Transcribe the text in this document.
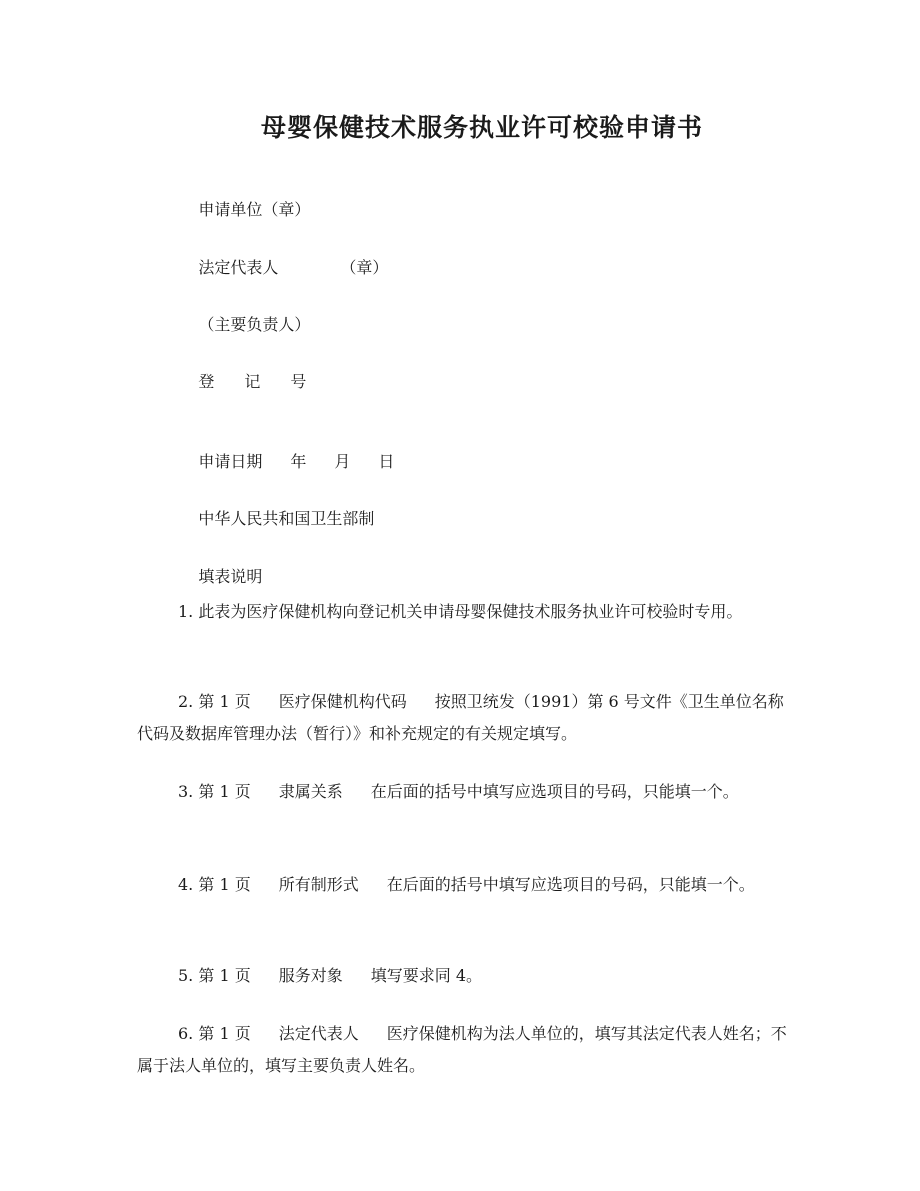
母婴保健技术服务执业许可校验申请书

申请单位（章）

法定代表人	（章）

（主要负责人）

登 记 号

申请日期 年 月 日

中华人民共和国卫生部制

填表说明

1. 此表为医疗保健机构向登记机关申请母婴保健技术服务执业许可校验时专用。
2. 第 1 页 医疗保健机构代码 按照卫统发（1991）第 6 号文件《卫生单位名称代码及数据库管理办法（暂行）》和补充规定的有关规定填写。
3. 第 1 页 隶属关系 在后面的括号中填写应选项目的号码，只能填一个。
4. 第 1 页 所有制形式 在后面的括号中填写应选项目的号码，只能填一个。
5. 第 1 页 服务对象 填写要求同 4。
6. 第 1 页 法定代表人 医疗保健机构为法人单位的，填写其法定代表人姓名；不属于法人单位的，填写主要负责人姓名。
